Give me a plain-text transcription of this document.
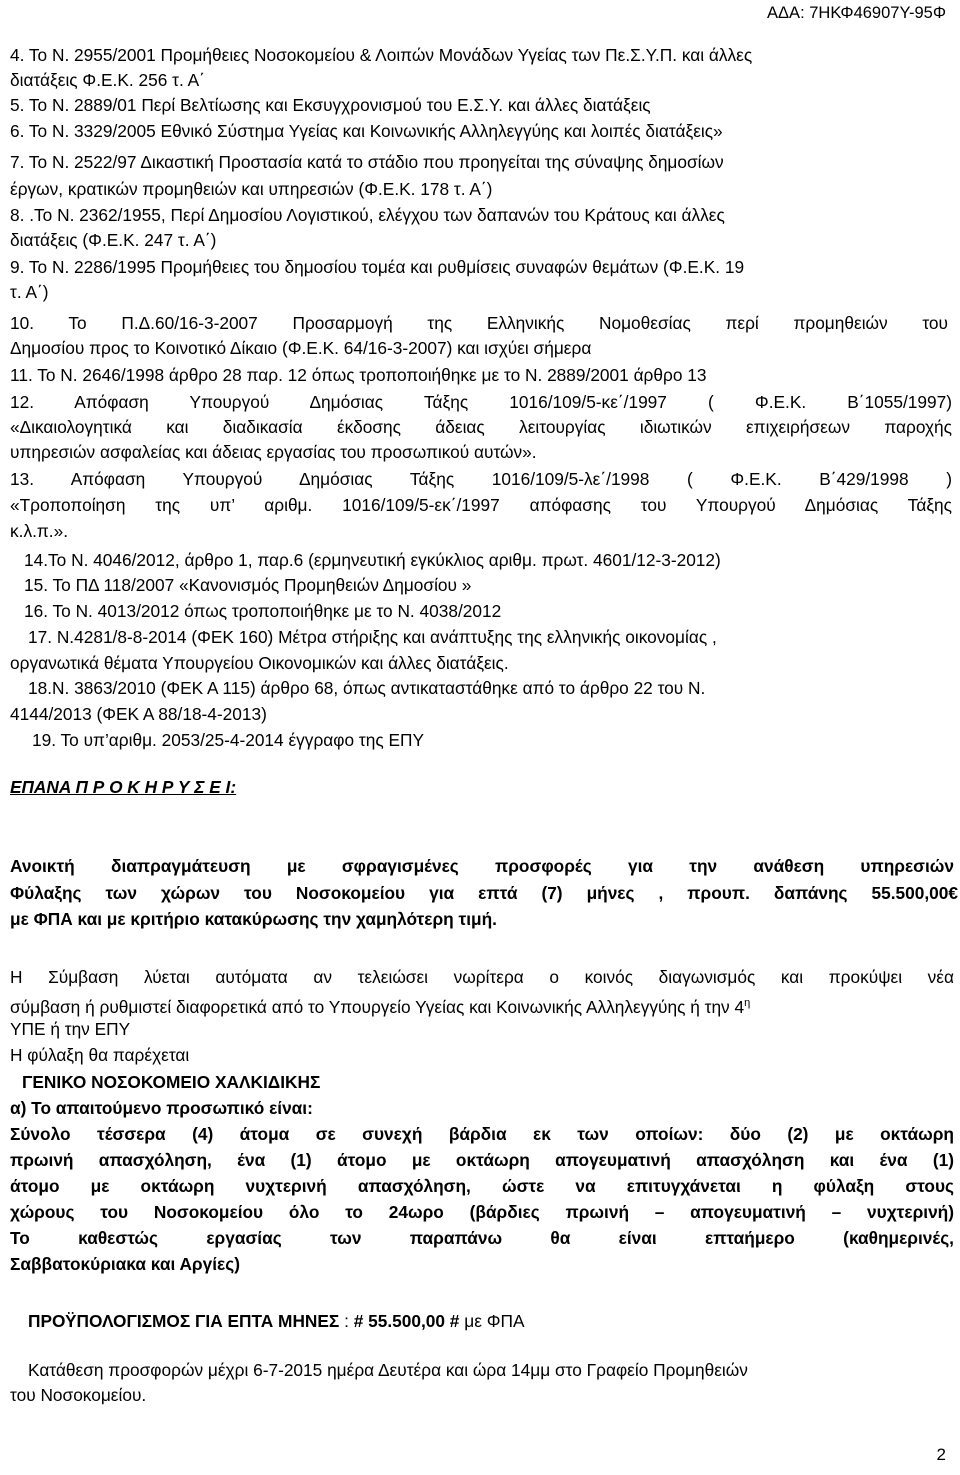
ΑΔΑ: 7ΗΚΦ46907Υ-95Φ
4. Το Ν. 2955/2001 Προμήθειες Νοσοκομείου & Λοιπών Μονάδων Υγείας των Πε.Σ.Υ.Π. και άλλες
διατάξεις Φ.Ε.Κ. 256 τ. Α΄
5. Το Ν. 2889/01 Περί Βελτίωσης και Εκσυγχρονισμού του Ε.Σ.Υ. και άλλες διατάξεις
6. Το Ν. 3329/2005 Εθνικό Σύστημα Υγείας και Κοινωνικής Αλληλεγγύης και λοιπές διατάξεις»
7. Το Ν. 2522/97 Δικαστική Προστασία κατά το στάδιο που προηγείται της σύναψης δημοσίων
έργων, κρατικών προμηθειών και υπηρεσιών (Φ.Ε.Κ. 178 τ. Α΄)
8. .Το Ν. 2362/1955, Περί Δημοσίου Λογιστικού, ελέγχου των δαπανών του Κράτους και άλλες
διατάξεις (Φ.Ε.Κ. 247 τ. Α΄)
9. Το Ν. 2286/1995 Προμήθειες του δημοσίου τομέα και ρυθμίσεις συναφών θεμάτων (Φ.Ε.Κ. 19
τ. Α΄)
10. Το Π.Δ.60/16-3-2007 Προσαρμογή της Ελληνικής Νομοθεσίας περί προμηθειών του
Δημοσίου προς το Κοινοτικό Δίκαιο (Φ.Ε.Κ. 64/16-3-2007) και ισχύει σήμερα
11. Το Ν. 2646/1998 άρθρο 28 παρ. 12 όπως τροποποιήθηκε με το Ν. 2889/2001 άρθρο 13
12. Απόφαση Υπουργού Δημόσιας Τάξης 1016/109/5-κε΄/1997 ( Φ.Ε.Κ. Β΄1055/1997)
«Δικαιολογητικά και διαδικασία έκδοσης άδειας λειτουργίας ιδιωτικών επιχειρήσεων παροχής
υπηρεσιών ασφαλείας και άδειας εργασίας του προσωπικού αυτών».
13. Απόφαση Υπουργού Δημόσιας Τάξης 1016/109/5-λε΄/1998 ( Φ.Ε.Κ. Β΄429/1998 )
«Τροποποίηση της υπ’ αριθμ. 1016/109/5-εκ΄/1997 απόφασης του Υπουργού Δημόσιας Τάξης
κ.λ.π.».
14.Το Ν. 4046/2012, άρθρο 1, παρ.6 (ερμηνευτική εγκύκλιος αριθμ. πρωτ. 4601/12-3-2012)
15. Το ΠΔ 118/2007 «Κανονισμός Προμηθειών Δημοσίου »
16. Το Ν. 4013/2012 όπως τροποποιήθηκε με το Ν. 4038/2012
17. Ν.4281/8-8-2014 (ΦΕΚ 160) Μέτρα στήριξης και ανάπτυξης της ελληνικής οικονομίας ,
οργανωτικά θέματα Υπουργείου Οικονομικών και άλλες διατάξεις.
18.Ν. 3863/2010 (ΦΕΚ Α 115) άρθρο 68, όπως αντικαταστάθηκε από το άρθρο 22 του Ν.
4144/2013 (ΦΕΚ Α 88/18-4-2013)
19. Το υπ’αριθμ. 2053/25-4-2014 έγγραφο της ΕΠΥ
ΕΠΑΝΑ Π Ρ Ο Κ Η Ρ Υ Σ Ε Ι:
Ανοικτή διαπραγμάτευση με σφραγισμένες προσφορές για την ανάθεση υπηρεσιών
Φύλαξης των χώρων του Νοσοκομείου για επτά (7) μήνες , προυπ. δαπάνης 55.500,00€
με ΦΠΑ και με κριτήριο κατακύρωσης την χαμηλότερη τιμή.
Η Σύμβαση λύεται αυτόματα αν τελειώσει νωρίτερα ο κοινός διαγωνισμός και προκύψει νέα
σύμβαση ή ρυθμιστεί διαφορετικά από το Υπουργείο Υγείας και Κοινωνικής Αλληλεγγύης ή την $4^\eta$
ΥΠΕ ή την ΕΠΥ
Η φύλαξη θα παρέχεται
ΓΕΝΙΚΟ ΝΟΣΟΚΟΜΕΙΟ ΧΑΛΚΙΔΙΚΗΣ
α) Το απαιτούμενο προσωπικό είναι:
Σύνολο τέσσερα (4) άτομα σε συνεχή βάρδια εκ των οποίων: δύο (2) με οκτάωρη
πρωινή απασχόληση, ένα (1) άτομο με οκτάωρη απογευματινή απασχόληση και ένα (1)
άτομο με οκτάωρη νυχτερινή απασχόληση, ώστε να επιτυγχάνεται η φύλαξη στους
χώρους του Νοσοκομείου όλο το 24ωρο (βάρδιες πρωινή – απογευματινή – νυχτερινή)
Το καθεστώς εργασίας των παραπάνω θα είναι επταήμερο (καθημερινές,
Σαββατοκύριακα και Αργίες)
ΠΡΟΫΠΟΛΟΓΙΣΜΟΣ ΓΙΑ ΕΠΤΑ ΜΗΝΕΣ : # 55.500,00 # με ΦΠΑ
Κατάθεση προσφορών μέχρι 6-7-2015 ημέρα Δευτέρα και ώρα 14μμ στο Γραφείο Προμηθειών
του Νοσοκομείου.
2
